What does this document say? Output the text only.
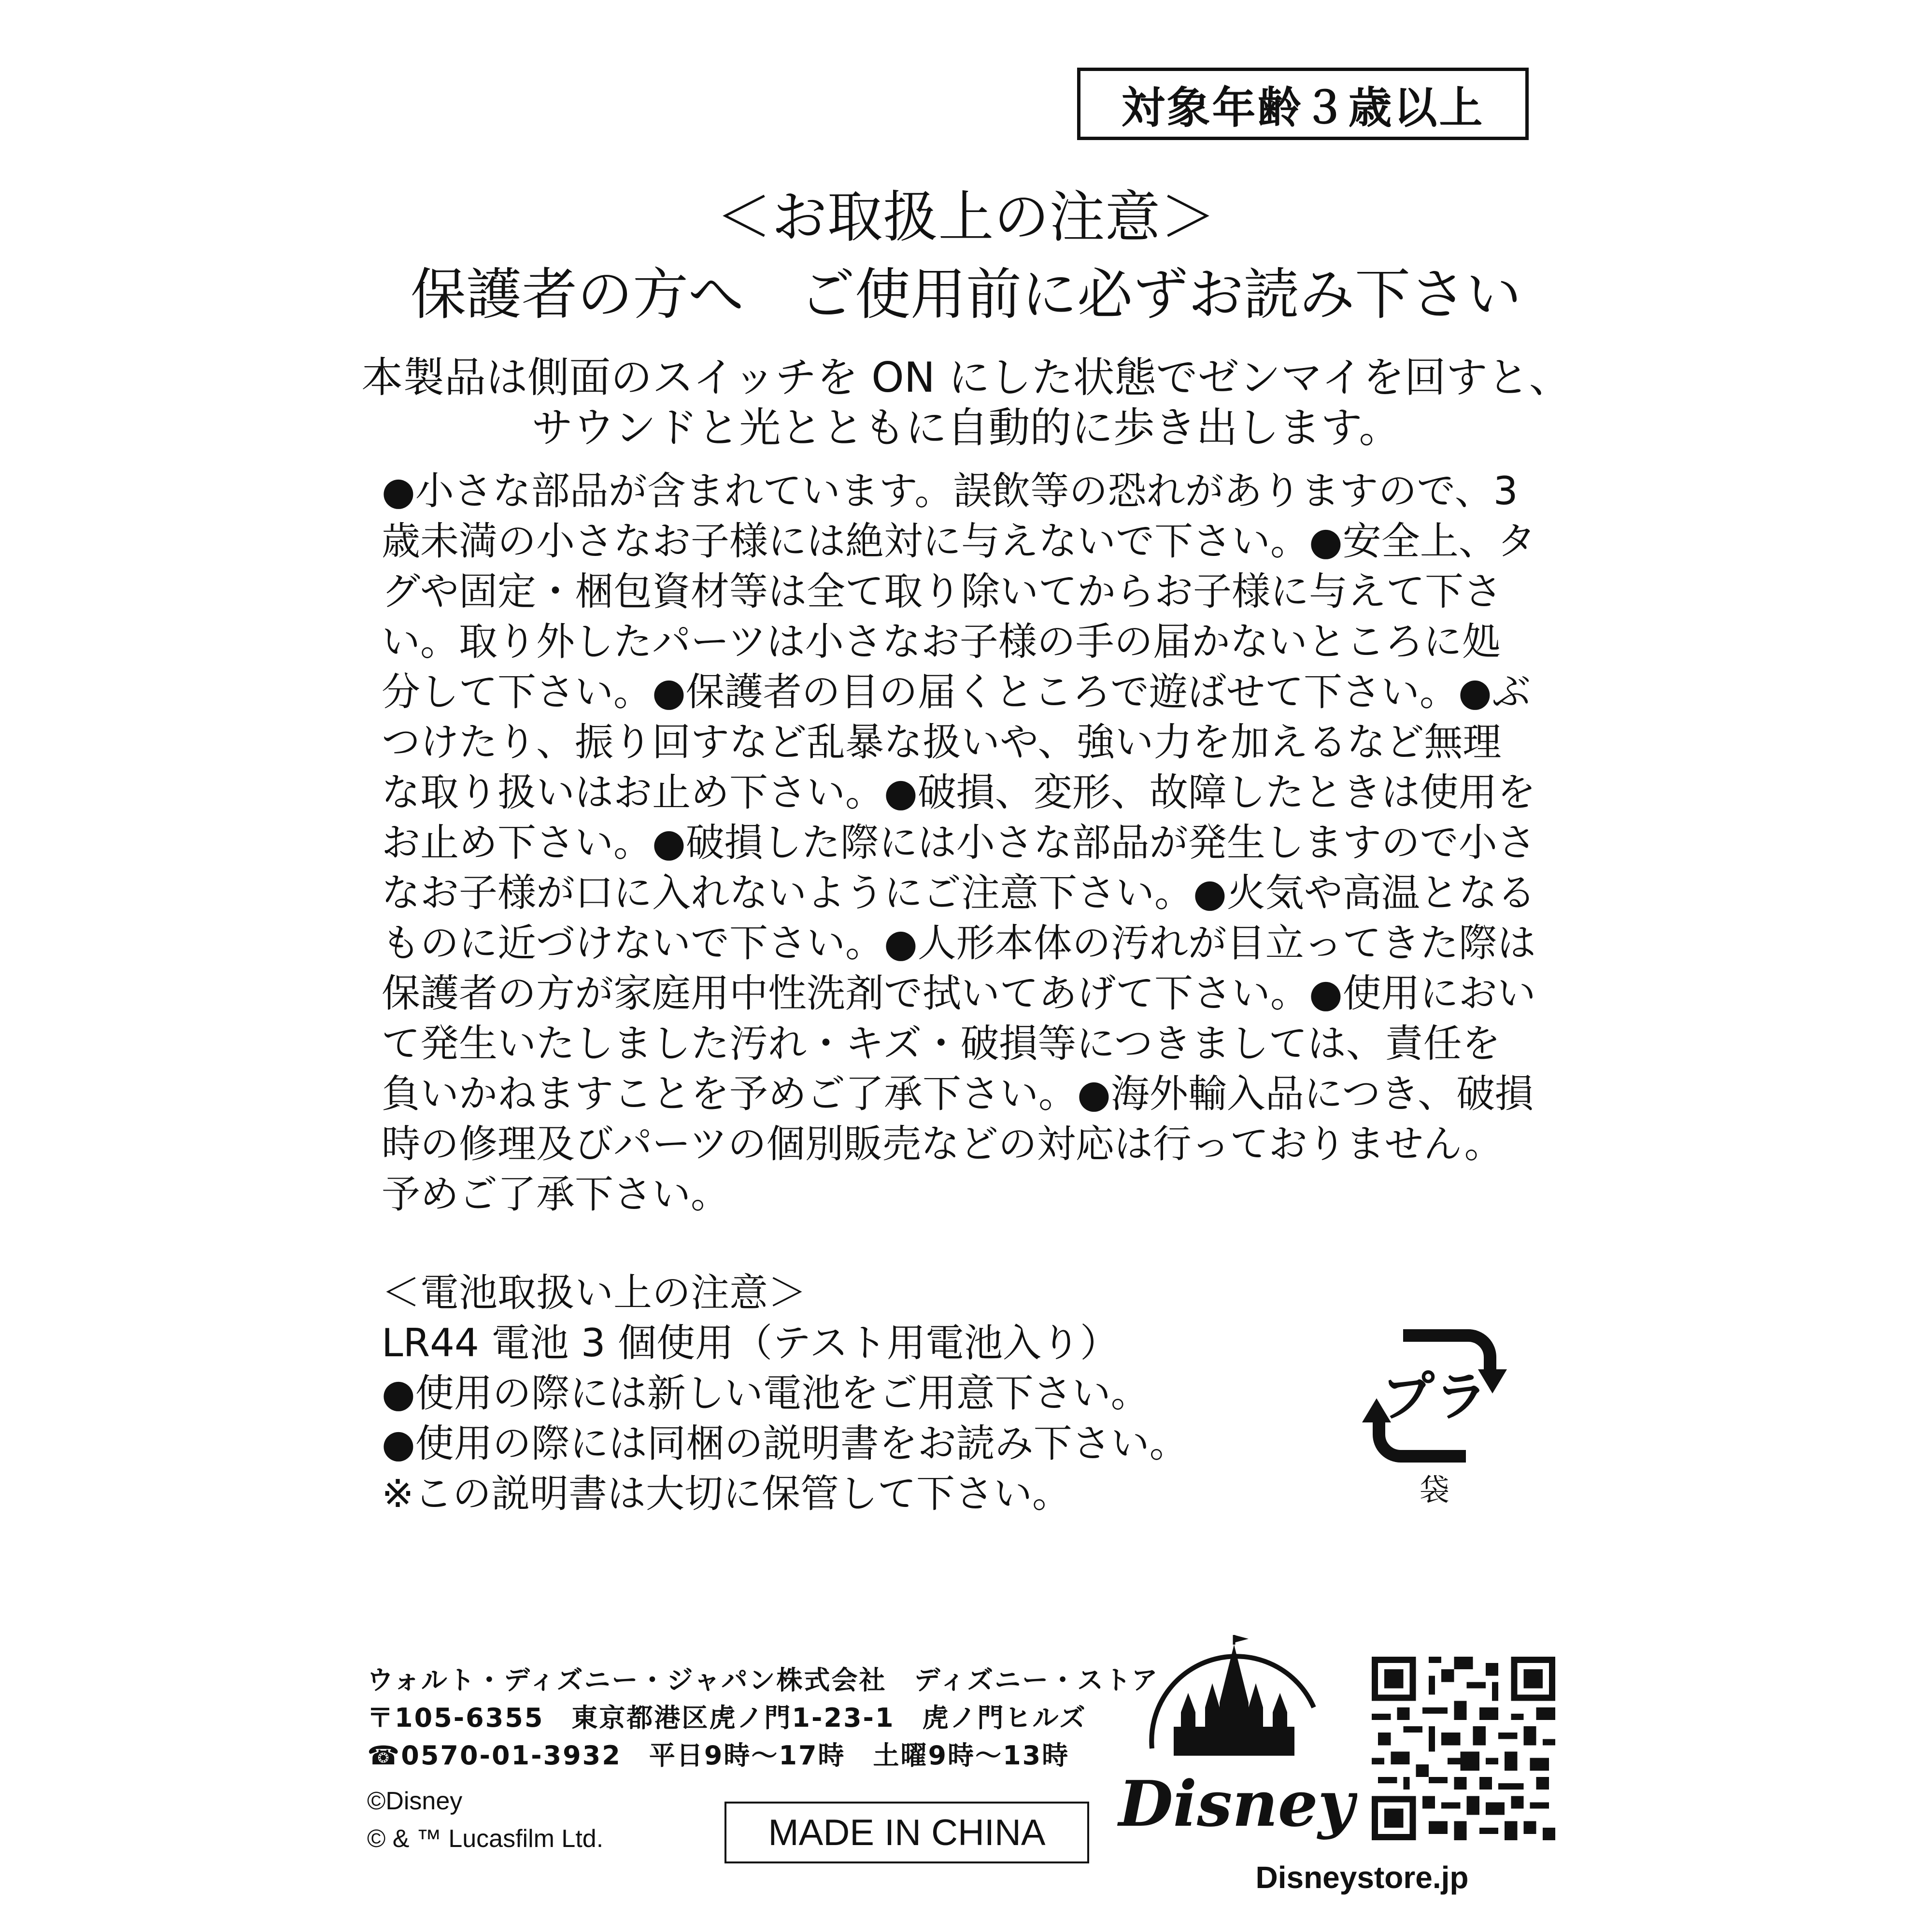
対象年齢３歳以上
＜お取扱上の注意＞
保護者の方へ　ご使用前に必ずお読み下さい
本製品は側面のスイッチを ON にした状態でゼンマイを回すと、
サウンドと光とともに自動的に歩き出します。
●小さな部品が含まれています。誤飲等の恐れがありますので、3
歳未満の小さなお子様には絶対に与えないで下さい。●安全上、タ
グや固定・梱包資材等は全て取り除いてからお子様に与えて下さ
い。取り外したパーツは小さなお子様の手の届かないところに処
分して下さい。●保護者の目の届くところで遊ばせて下さい。●ぶ
つけたり、振り回すなど乱暴な扱いや、強い力を加えるなど無理
な取り扱いはお止め下さい。●破損、変形、故障したときは使用を
お止め下さい。●破損した際には小さな部品が発生しますので小さ
なお子様が口に入れないようにご注意下さい。●火気や高温となる
ものに近づけないで下さい。●人形本体の汚れが目立ってきた際は
保護者の方が家庭用中性洗剤で拭いてあげて下さい。●使用におい
て発生いたしました汚れ・キズ・破損等につきましては、責任を
負いかねますことを予めご了承下さい。●海外輸入品につき、破損
時の修理及びパーツの個別販売などの対応は行っておりません。
予めご了承下さい。
＜電池取扱い上の注意＞
LR44 電池 3 個使用（テスト用電池入り）
●使用の際には新しい電池をご用意下さい。
●使用の際には同梱の説明書をお読み下さい。
※この説明書は大切に保管して下さい。
プラ
袋
ウォルト・ディズニー・ジャパン株式会社　ディズニー・ストア
〒105-6355　東京都港区虎ノ門1-23-1　虎ノ門ヒルズ
☎0570-01-3932　平日9時～17時　土曜9時～13時
©Disney
© & ™ Lucasfilm Ltd.	MADE IN CHINA Disney
Disneystore.jp
